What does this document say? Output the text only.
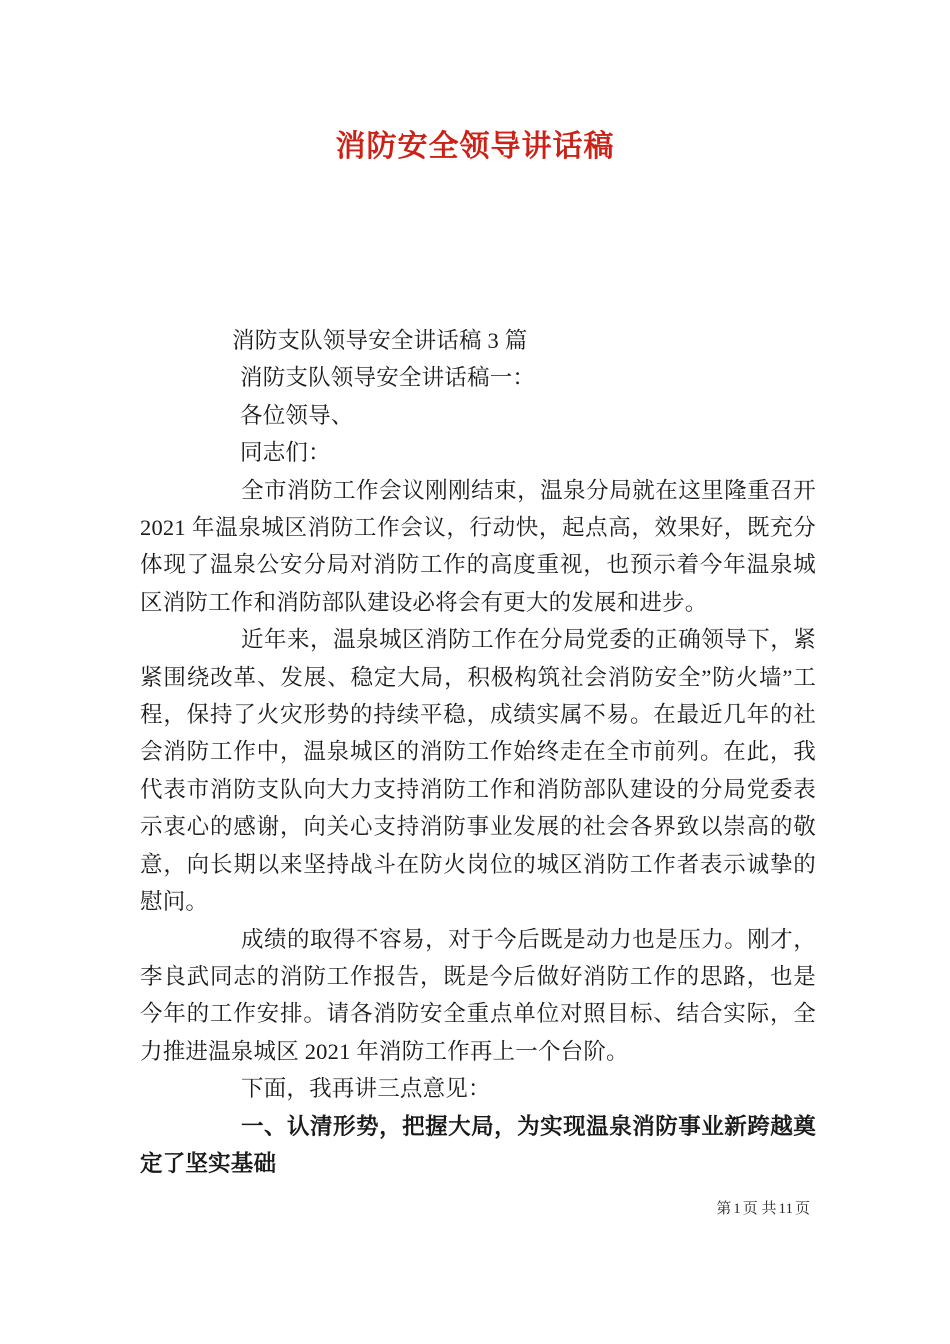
消防安全领导讲话稿

消防支队领导安全讲话稿 3 篇

消防支队领导安全讲话稿一：

各位领导、

同志们：

全市消防工作会议刚刚结束，温泉分局就在这里隆重召开 2021 年温泉城区消防工作会议，行动快，起点高，效果好，既充分体现了温泉公安分局对消防工作的高度重视，也预示着今年温泉城区消防工作和消防部队建设必将会有更大的发展和进步。

近年来，温泉城区消防工作在分局党委的正确领导下，紧紧围绕改革、发展、稳定大局，积极构筑社会消防安全”防火墙”工程，保持了火灾形势的持续平稳，成绩实属不易。在最近几年的社会消防工作中，温泉城区的消防工作始终走在全市前列。在此，我代表市消防支队向大力支持消防工作和消防部队建设的分局党委表示衷心的感谢，向关心支持消防事业发展的社会各界致以崇高的敬意，向长期以来坚持战斗在防火岗位的城区消防工作者表示诚挚的慰问。

成绩的取得不容易，对于今后既是动力也是压力。刚才，李良武同志的消防工作报告，既是今后做好消防工作的思路，也是今年的工作安排。请各消防安全重点单位对照目标、结合实际，全力推进温泉城区 2021 年消防工作再上一个台阶。

下面，我再讲三点意见：

一、认清形势，把握大局，为实现温泉消防事业新跨越奠定了坚实基础

第 1 页 共 11 页
